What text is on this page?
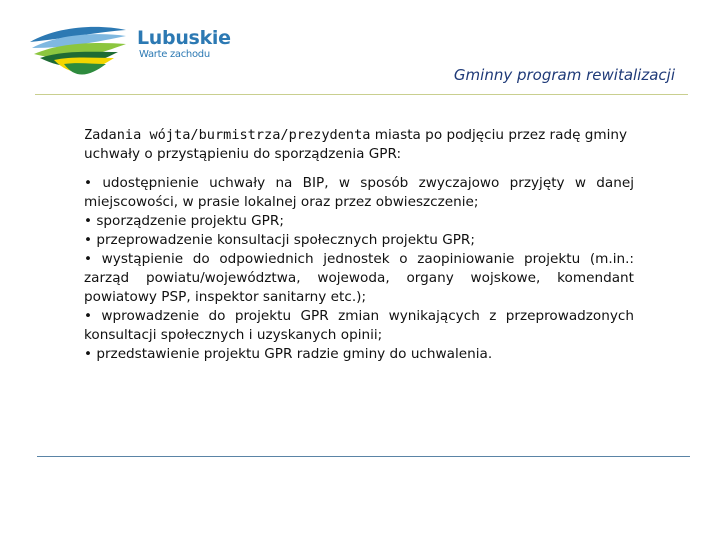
Lubuskie
Warte zachodu
Gminny program rewitalizacji

Zadania wójta/burmistrza/prezydenta miasta po podjęciu przez radę gminy uchwały o przystąpieniu do sporządzenia GPR:

• udostępnienie uchwały na BIP, w sposób zwyczajowo przyjęty w danej miejscowości, w prasie lokalnej oraz przez obwieszczenie;
• sporządzenie projektu GPR;
• przeprowadzenie konsultacji społecznych projektu GPR;
• wystąpienie do odpowiednich jednostek o zaopiniowanie projektu (m.in.: zarząd powiatu/województwa, wojewoda, organy wojskowe, komendant powiatowy PSP, inspektor sanitarny etc.);
• wprowadzenie do projektu GPR zmian wynikających z przeprowadzonych konsultacji społecznych i uzyskanych opinii;
• przedstawienie projektu GPR radzie gminy do uchwalenia.
